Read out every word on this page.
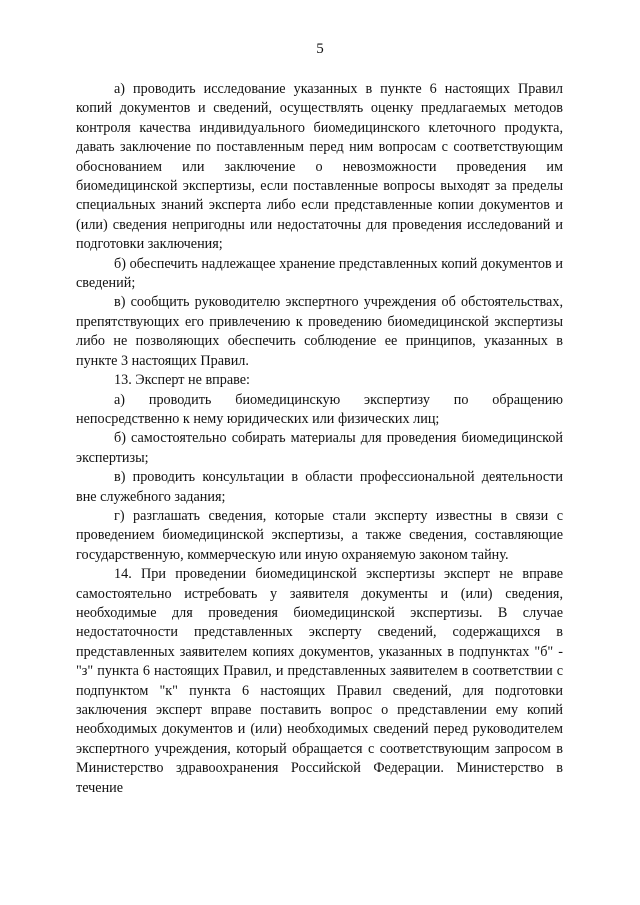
5

а) проводить исследование указанных в пункте 6 настоящих Правил копий документов и сведений, осуществлять оценку предлагаемых методов контроля качества индивидуального биомедицинского клеточного продукта, давать заключение по поставленным перед ним вопросам с соответствующим обоснованием или заключение о невозможности проведения им биомедицинской экспертизы, если поставленные вопросы выходят за пределы специальных знаний эксперта либо если представленные копии документов и (или) сведения непригодны или недостаточны для проведения исследований и подготовки заключения;

б) обеспечить надлежащее хранение представленных копий документов и сведений;

в) сообщить руководителю экспертного учреждения об обстоятельствах, препятствующих его привлечению к проведению биомедицинской экспертизы либо не позволяющих обеспечить соблюдение ее принципов, указанных в пункте 3 настоящих Правил.

13. Эксперт не вправе:

а) проводить биомедицинскую экспертизу по обращению непосредственно к нему юридических или физических лиц;

б) самостоятельно собирать материалы для проведения биомедицинской экспертизы;

в) проводить консультации в области профессиональной деятельности вне служебного задания;

г) разглашать сведения, которые стали эксперту известны в связи с проведением биомедицинской экспертизы, а также сведения, составляющие государственную, коммерческую или иную охраняемую законом тайну.

14. При проведении биомедицинской экспертизы эксперт не вправе самостоятельно истребовать у заявителя документы и (или) сведения, необходимые для проведения биомедицинской экспертизы. В случае недостаточности представленных эксперту сведений, содержащихся в представленных заявителем копиях документов, указанных в подпунктах "б" - "з" пункта 6 настоящих Правил, и представленных заявителем в соответствии с подпунктом "к" пункта 6 настоящих Правил сведений, для подготовки заключения эксперт вправе поставить вопрос о представлении ему копий необходимых документов и (или) необходимых сведений перед руководителем экспертного учреждения, который обращается с соответствующим запросом в Министерство здравоохранения Российской Федерации. Министерство в течение
